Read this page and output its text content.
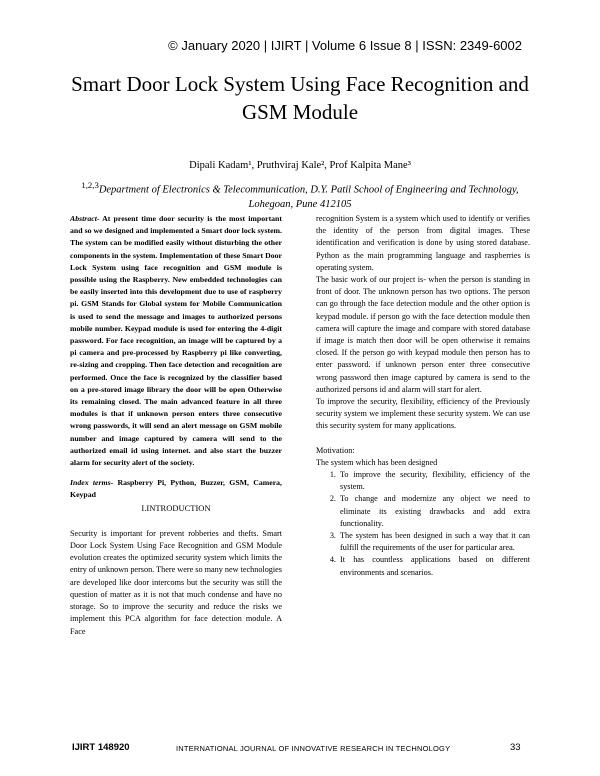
© January 2020 | IJIRT | Volume 6 Issue 8 | ISSN: 2349-6002
Smart Door Lock System Using Face Recognition and
GSM Module
Dipali Kadam¹, Pruthviraj Kale², Prof Kalpita Mane³
$^{1,2,3}$Department of Electronics & Telecommunication, D.Y. Patil School of Engineering and Technology,
Lohegoan, Pune 412105

Abstract- At present time door security is the most important and so we designed and implemented a Smart door lock system. The system can be modified easily without disturbing the other components in the system. Implementation of these Smart Door Lock System using face recognition and GSM module is possible using the Raspberry. New embedded technologies can be easily inserted into this development due to use of raspberry pi. GSM Stands for Global system for Mobile Communication is used to send the message and images to authorized persons mobile number. Keypad module is used for entering the 4-digit password. For face recognition, an image will be captured by a pi camera and pre-processed by Raspberry pi like converting, re-sizing and cropping. Then face detection and recognition are performed. Once the face is recognized by the classifier based on a pre-stored image library the door will be open Otherwise its remaining closed. The main advanced feature in all three modules is that if unknown person enters three consecutive wrong passwords, it will send an alert message on GSM mobile number and image captured by camera will send to the authorized email id using internet. and also start the buzzer alarm for security alert of the society.

Index terms- Raspberry Pi, Python, Buzzer, GSM, Camera, Keypad

I.INTRODUCTION

Security is important for prevent robberies and thefts. Smart Door Lock System Using Face Recognition and GSM Module evolution creates the optimized security system which limits the entry of unknown person. There were so many new technologies are developed like door intercoms but the security was still the question of matter as it is not that much condense and have no storage. So to improve the security and reduce the risks we implement this PCA algorithm for face detection module. A Face

recognition System is a system which used to identify or verifies the identity of the person from digital images. These identification and verification is done by using stored database. Python as the main programming language and raspberries is operating system.

The basic work of our project is- when the person is standing in front of door. The unknown person has two options. The person can go through the face detection module and the other option is keypad module. if person go with the face detection module then camera will capture the image and compare with stored database if image is match then door will be open otherwise it remains closed. If the person go with keypad module then person has to enter password. if unknown person enter three consecutive wrong password then image captured by camera is send to the authorized persons id and alarm will start for alert.

To improve the security, flexibility, efficiency of the Previously security system we implement these security system. We can use this security system for many applications.

Motivation:

The system which has been designed

1. To improve the security, flexibility, efficiency of the system.
2. To change and modernize any object we need to eliminate its existing drawbacks and add extra functionality.
3. The system has been designed in such a way that it can fulfill the requirements of the user for particular area.
4. It has countless applications based on different environments and scenarios.
IJIRT 148920	INTERNATIONAL JOURNAL OF INNOVATIVE RESEARCH IN TECHNOLOGY	33
